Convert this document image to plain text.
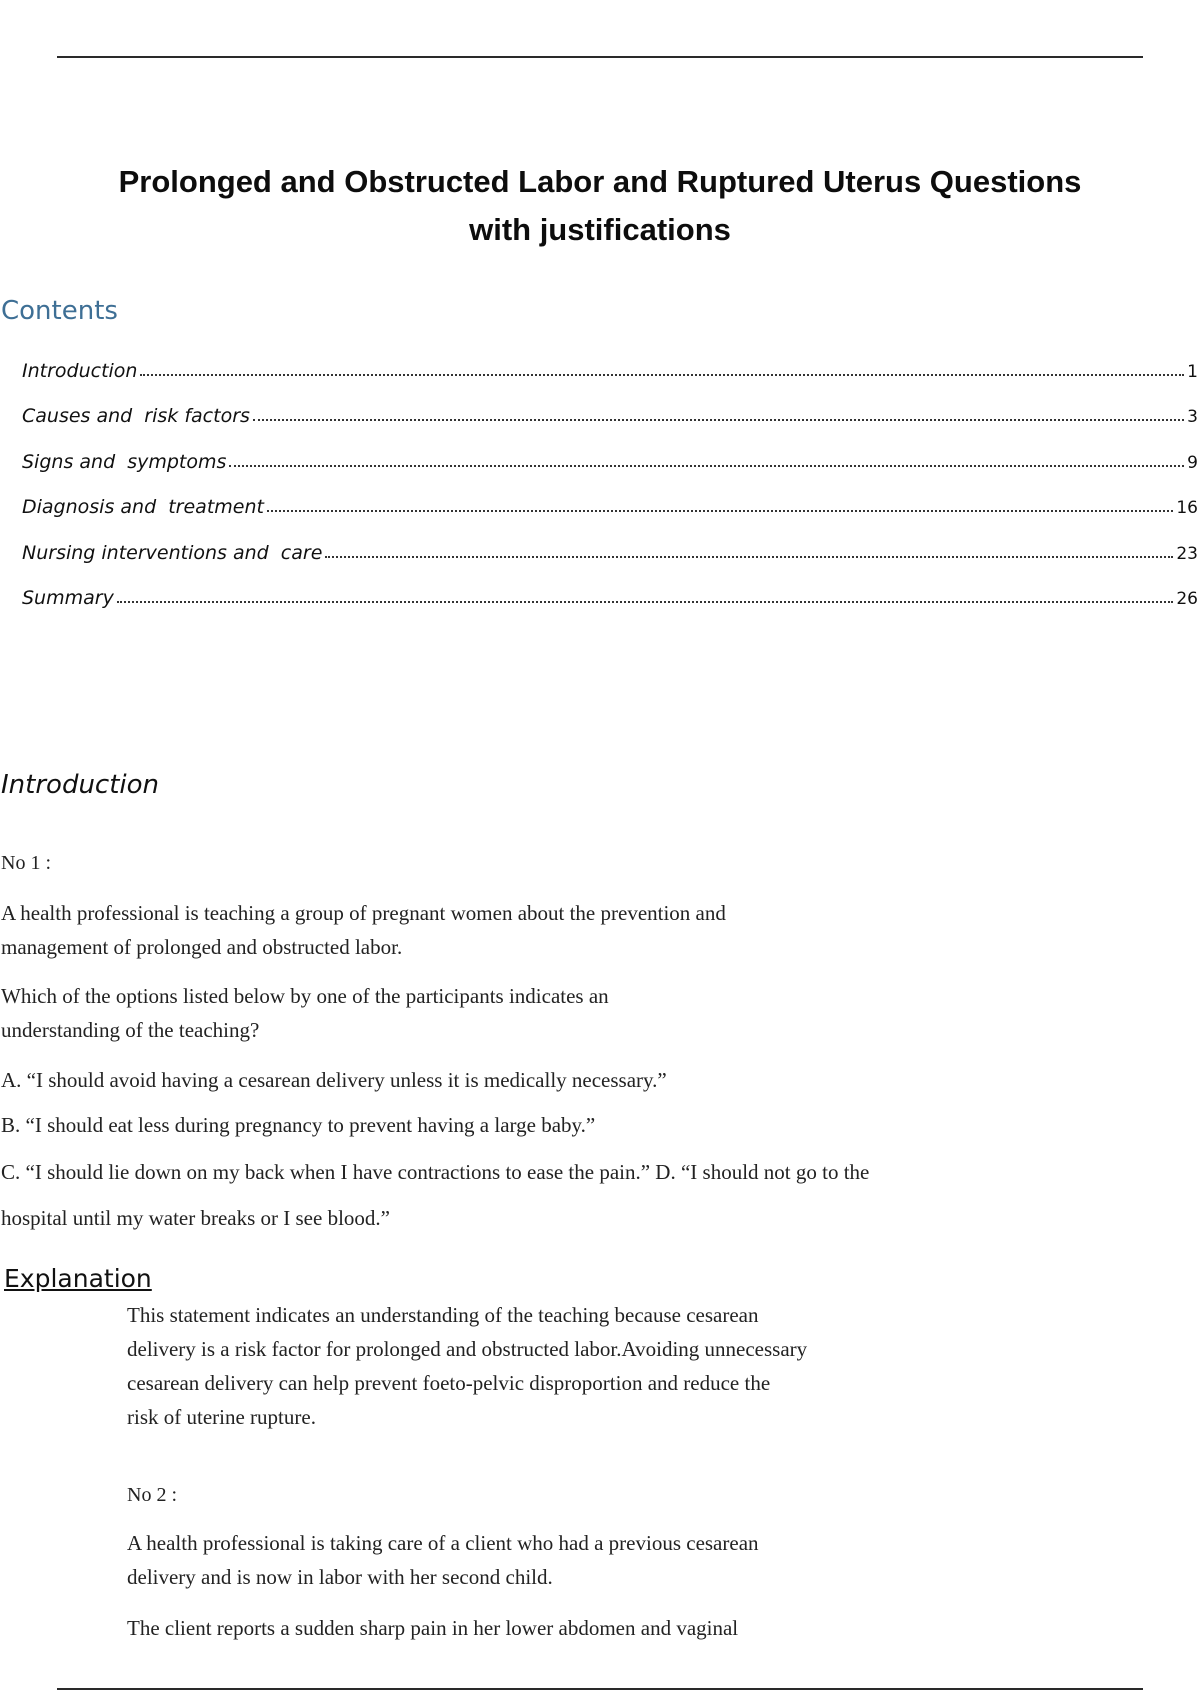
Prolonged and Obstructed Labor and Ruptured Uterus Questions
with justifications
Contents
Introduction	1
Causes and  risk factors	3
Signs and  symptoms	9
Diagnosis and  treatment	16
Nursing interventions and  care	23
Summary	26
Introduction

No 1 :

A health professional is teaching a group of pregnant women about the prevention and
management of prolonged and obstructed labor.

Which of the options listed below by one of the participants indicates an
understanding of the teaching?

A. “I should avoid having a cesarean delivery unless it is medically necessary.”

B. “I should eat less during pregnancy to prevent having a large baby.”

C. “I should lie down on my back when I have contractions to ease the pain.” D. “I should not go to the

hospital until my water breaks or I see blood.”

Explanation

This statement indicates an understanding of the teaching because cesarean
delivery is a risk factor for prolonged and obstructed labor.Avoiding unnecessary
cesarean delivery can help prevent foeto-pelvic disproportion and reduce the
risk of uterine rupture.

No 2 :

A health professional is taking care of a client who had a previous cesarean
delivery and is now in labor with her second child.

The client reports a sudden sharp pain in her lower abdomen and vaginal
